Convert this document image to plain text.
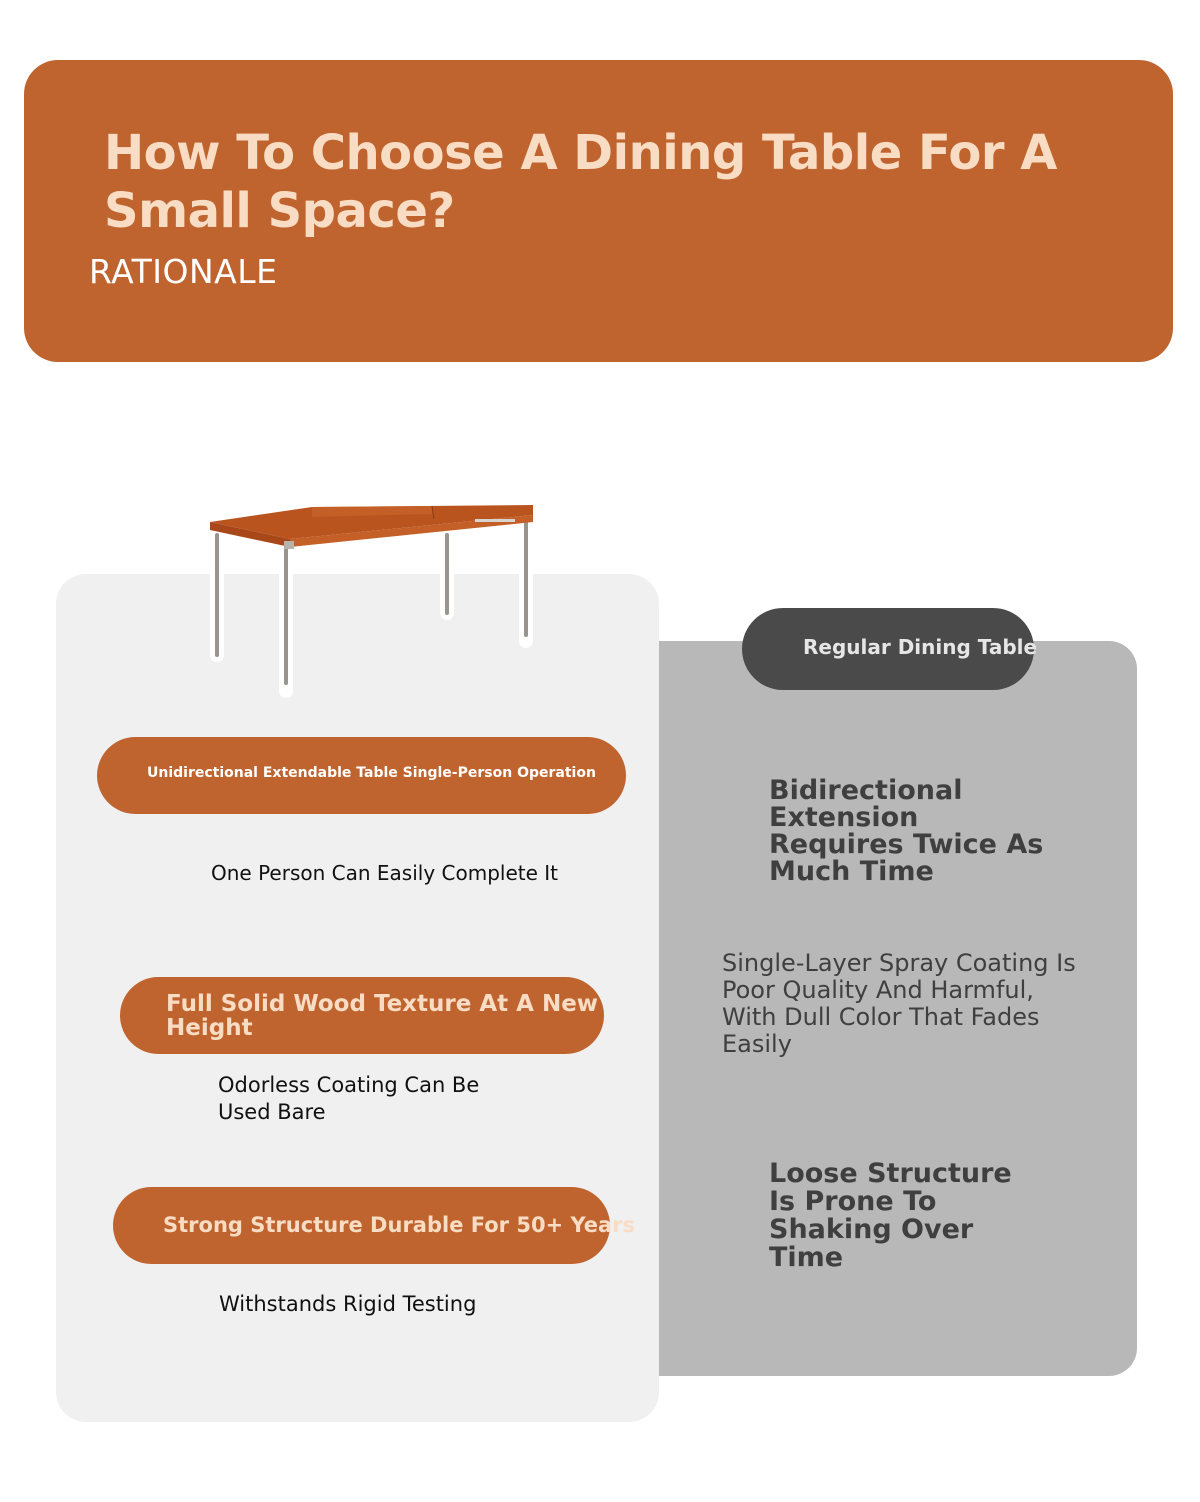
How To Choose A Dining Table For A Small Space?
RATIONALE
Unidirectional Extendable Table Single-Person Operation
One Person Can Easily Complete It
Full Solid Wood Texture At A New Height
Odorless Coating Can Be Used Bare
Strong Structure Durable For 50+ Years
Withstands Rigid Testing
Regular Dining Table
Bidirectional Extension Requires Twice As Much Time
Single-Layer Spray Coating Is Poor Quality And Harmful, With Dull Color That Fades Easily
Loose Structure Is Prone To Shaking Over Time
